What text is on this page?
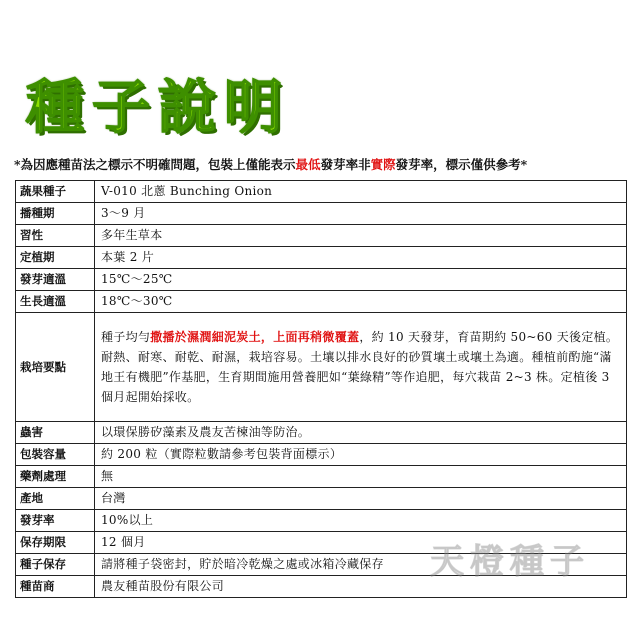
種子說明
*為因應種苗法之標示不明確問題，包裝上僅能表示最低發芽率非實際發芽率，標示僅供參考*
蔬果種子	V-010 北蔥 Bunching Onion
播種期	3～9 月
習性	多年生草本
定植期	本葉 2 片
發芽適溫	15℃～25℃
生長適溫	18℃～30℃
栽培要點	種子均勻撒播於濕潤細泥炭土，上面再稍微覆蓋，約 10 天發芽，育苗期約 50~60 天後定植。耐熱、耐寒、耐乾、耐濕，栽培容易。土壤以排水良好的砂質壤土或壤土為適。種植前酌施“滿地王有機肥”作基肥，生育期間施用營養肥如“葉綠精”等作追肥，每穴栽苗 2~3 株。定植後 3 個月起開始採收。
蟲害	以環保勝矽藻素及農友苦楝油等防治。
包裝容量	約 200 粒（實際粒數請參考包裝背面標示）
藥劑處理	無
產地	台灣
發芽率	10%以上
保存期限	12 個月
種子保存	請將種子袋密封，貯於暗冷乾燥之處或冰箱冷藏保存
種苗商	農友種苗股份有限公司
天橙種子
